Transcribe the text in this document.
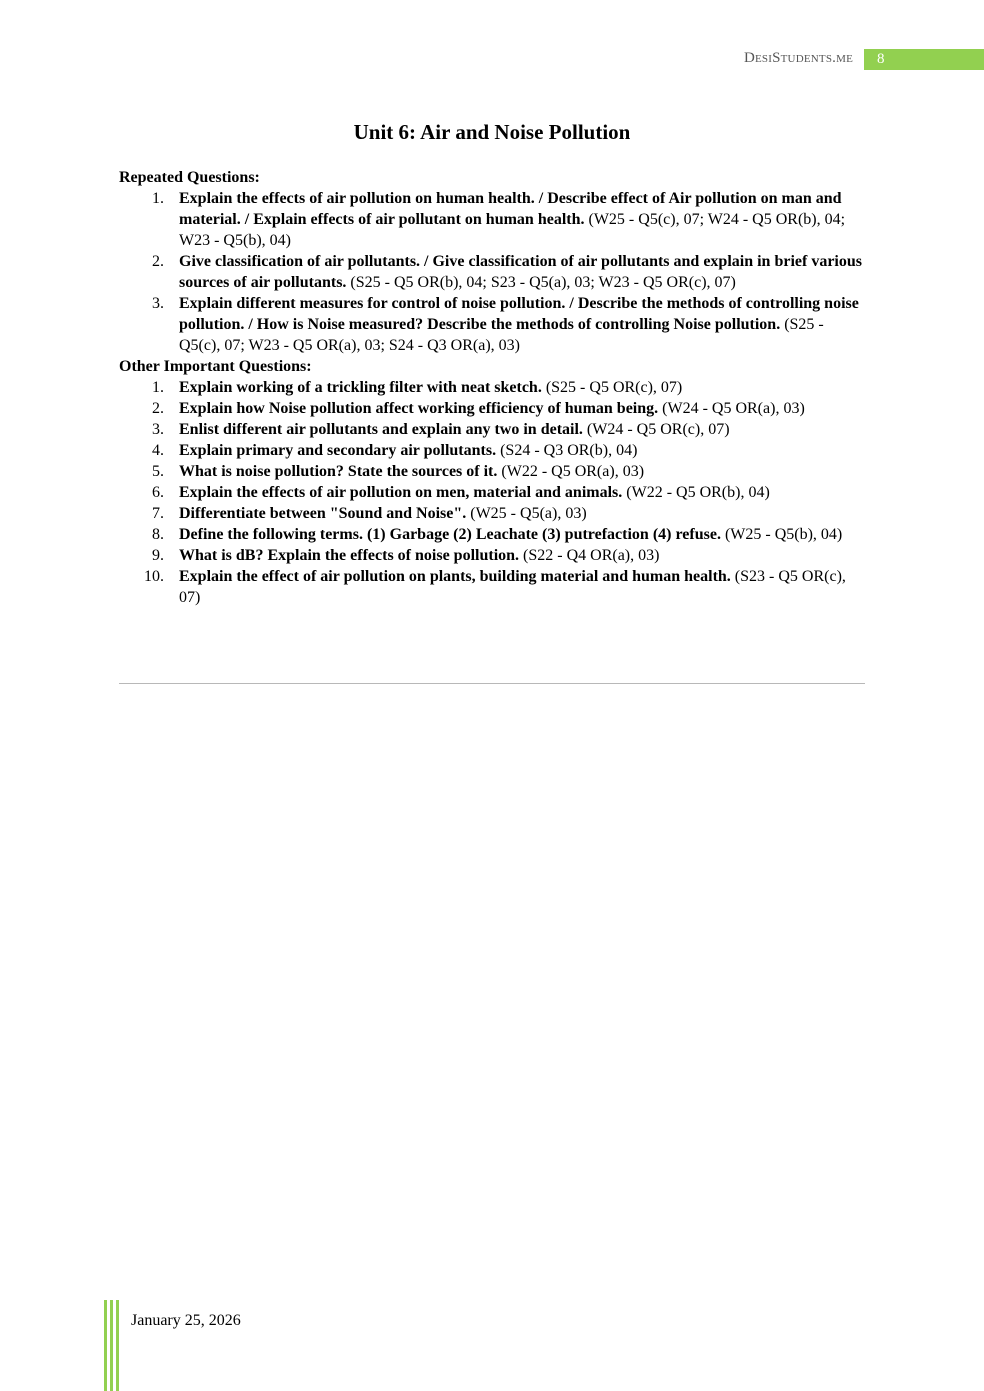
DesiStudents.me	8
Unit 6: Air and Noise Pollution
Repeated Questions:
1. Explain the effects of air pollution on human health. / Describe effect of Air pollution on man and material. / Explain effects of air pollutant on human health. (W25 - Q5(c), 07; W24 - Q5 OR(b), 04; W23 - Q5(b), 04)
2. Give classification of air pollutants. / Give classification of air pollutants and explain in brief various sources of air pollutants. (S25 - Q5 OR(b), 04; S23 - Q5(a), 03; W23 - Q5 OR(c), 07)
3. Explain different measures for control of noise pollution. / Describe the methods of controlling noise pollution. / How is Noise measured? Describe the methods of controlling Noise pollution. (S25 - Q5(c), 07; W23 - Q5 OR(a), 03; S24 - Q3 OR(a), 03)
Other Important Questions:
1. Explain working of a trickling filter with neat sketch. (S25 - Q5 OR(c), 07)
2. Explain how Noise pollution affect working efficiency of human being. (W24 - Q5 OR(a), 03)
3. Enlist different air pollutants and explain any two in detail. (W24 - Q5 OR(c), 07)
4. Explain primary and secondary air pollutants. (S24 - Q3 OR(b), 04)
5. What is noise pollution? State the sources of it. (W22 - Q5 OR(a), 03)
6. Explain the effects of air pollution on men, material and animals. (W22 - Q5 OR(b), 04)
7. Differentiate between "Sound and Noise". (W25 - Q5(a), 03)
8. Define the following terms. (1) Garbage (2) Leachate (3) putrefaction (4) refuse. (W25 - Q5(b), 04)
9. What is dB? Explain the effects of noise pollution. (S22 - Q4 OR(a), 03)
10. Explain the effect of air pollution on plants, building material and human health. (S23 - Q5 OR(c), 07)
January 25, 2026
